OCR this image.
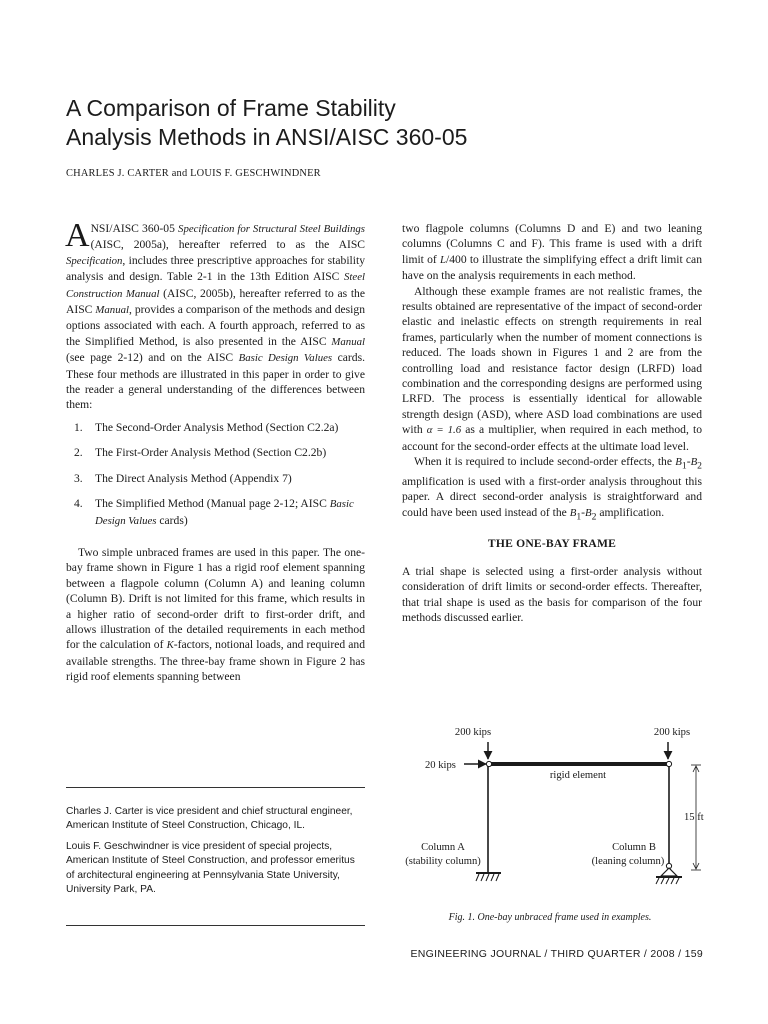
A Comparison of Frame Stability
Analysis Methods in ANSI/AISC 360-05
CHARLES J. CARTER and LOUIS F. GESCHWINDNER

ANSI/AISC 360-05 Specification for Structural Steel Buildings (AISC, 2005a), hereafter referred to as the AISC Specification, includes three prescriptive approaches for stability analysis and design. Table 2-1 in the 13th Edition AISC Steel Construction Manual (AISC, 2005b), hereafter referred to as the AISC Manual, provides a comparison of the methods and design options associated with each. A fourth approach, referred to as the Simplified Method, is also presented in the AISC Manual (see page 2-12) and on the AISC Basic Design Values cards. These four methods are illustrated in this paper in order to give the reader a general understanding of the differences between them:

1.	The Second-Order Analysis Method (Section C2.2a)
2.	The First-Order Analysis Method (Section C2.2b)
3.	The Direct Analysis Method (Appendix 7)
4.	The Simplified Method (Manual page 2-12; AISC Basic Design Values cards)

Two simple unbraced frames are used in this paper. The one-bay frame shown in Figure 1 has a rigid roof element spanning between a flagpole column (Column A) and leaning column (Column B). Drift is not limited for this frame, which results in a higher ratio of second-order drift to first-order drift, and allows illustration of the detailed requirements in each method for the calculation of K-factors, notional loads, and required and available strengths. The three-bay frame shown in Figure 2 has rigid roof elements spanning between

two flagpole columns (Columns D and E) and two leaning columns (Columns C and F). This frame is used with a drift limit of L/400 to illustrate the simplifying effect a drift limit can have on the analysis requirements in each method.

Although these example frames are not realistic frames, the results obtained are representative of the impact of second-order elastic and inelastic effects on strength requirements in real frames, particularly when the number of moment connections is reduced. The loads shown in Figures 1 and 2 are from the controlling load and resistance factor design (LRFD) load combination and the corresponding designs are performed using LRFD. The process is essentially identical for allowable strength design (ASD), where ASD load combinations are used with α = 1.6 as a multiplier, when required in each method, to account for the second-order effects at the ultimate load level.

When it is required to include second-order effects, the $B_1-B_2$ amplification is used with a first-order analysis throughout this paper. A direct second-order analysis is straightforward and could have been used instead of the $B_1-B_2$ amplification.

THE ONE-BAY FRAME

A trial shape is selected using a first-order analysis without consideration of drift limits or second-order effects. Thereafter, that trial shape is used as the basis for comparison of the four methods discussed earlier.

200 kips	200 kips
20 kips
rigid element
15 ft
Column A
(stability column)
Column B
(leaning column)
Fig. 1. One-bay unbraced frame used in examples.

Charles J. Carter is vice president and chief structural engineer, American Institute of Steel Construction, Chicago, IL.

Louis F. Geschwindner is vice president of special projects, American Institute of Steel Construction, and professor emeritus of architectural engineering at Pennsylvania State University, University Park, PA.

ENGINEERING JOURNAL / THIRD QUARTER / 2008 / 159
